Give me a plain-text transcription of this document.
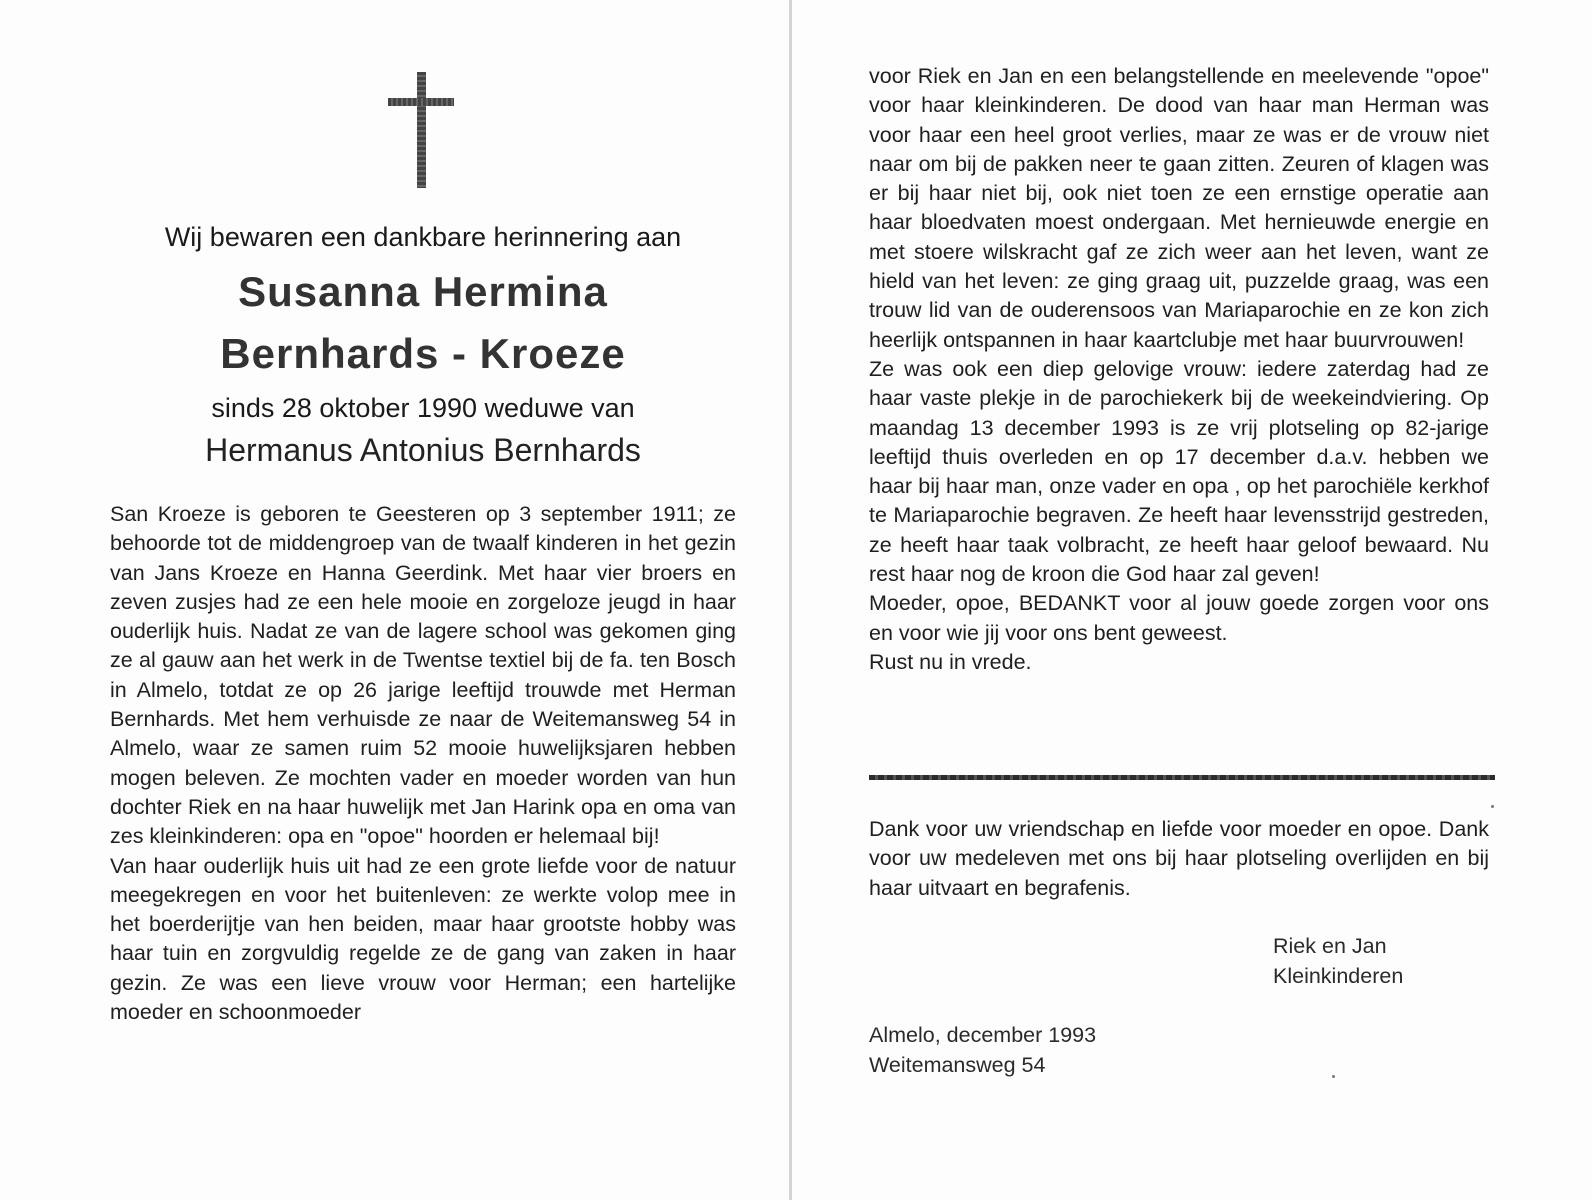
Wij bewaren een dankbare herinnering aan
Susanna Hermina
Bernhards - Kroeze
sinds 28 oktober 1990 weduwe van
Hermanus Antonius Bernhards

San Kroeze is geboren te Geesteren op 3 september 1911; ze behoorde tot de middengroep van de twaalf kinderen in het gezin van Jans Kroeze en Hanna Geerdink. Met haar vier broers en zeven zusjes had ze een hele mooie en zorgeloze jeugd in haar ouderlijk huis. Nadat ze van de lagere school was gekomen ging ze al gauw aan het werk in de Twentse textiel bij de fa. ten Bosch in Almelo, totdat ze op 26 jarige leeftijd trouwde met Herman Bernhards. Met hem verhuisde ze naar de Weitemansweg 54 in Almelo, waar ze samen ruim 52 mooie huwelijksjaren hebben mogen beleven. Ze mochten vader en moeder worden van hun dochter Riek en na haar huwelijk met Jan Harink opa en oma van zes kleinkinderen: opa en "opoe" hoorden er helemaal bij!

Van haar ouderlijk huis uit had ze een grote liefde voor de natuur meegekregen en voor het buitenleven: ze werkte volop mee in het boerderijtje van hen beiden, maar haar grootste hobby was haar tuin en zorgvuldig regelde ze de gang van zaken in haar gezin. Ze was een lieve vrouw voor Herman; een hartelijke moeder en schoonmoeder

voor Riek en Jan en een belangstellende en meelevende "opoe" voor haar kleinkinderen. De dood van haar man Herman was voor haar een heel groot verlies, maar ze was er de vrouw niet naar om bij de pakken neer te gaan zitten. Zeuren of klagen was er bij haar niet bij, ook niet toen ze een ernstige operatie aan haar bloedvaten moest ondergaan. Met hernieuwde energie en met stoere wilskracht gaf ze zich weer aan het leven, want ze hield van het leven: ze ging graag uit, puzzelde graag, was een trouw lid van de ouderensoos van Mariaparochie en ze kon zich heerlijk ontspannen in haar kaartclubje met haar buurvrouwen!

Ze was ook een diep gelovige vrouw: iedere zaterdag had ze haar vaste plekje in de parochiekerk bij de weekeindviering. Op maandag 13 december 1993 is ze vrij plotseling op 82-jarige leeftijd thuis overleden en op 17 december d.a.v. hebben we haar bij haar man, onze vader en opa , op het parochiële kerkhof te Mariaparochie begraven. Ze heeft haar levensstrijd gestreden, ze heeft haar taak volbracht, ze heeft haar geloof bewaard. Nu rest haar nog de kroon die God haar zal geven!

Moeder, opoe, BEDANKT voor al jouw goede zorgen voor ons en voor wie jij voor ons bent geweest.

Rust nu in vrede.

Dank voor uw vriendschap en liefde voor moeder en opoe. Dank voor uw medeleven met ons bij haar plotseling overlijden en bij haar uitvaart en begrafenis.
Riek en Jan
Kleinkinderen
Almelo, december 1993
Weitemansweg 54
